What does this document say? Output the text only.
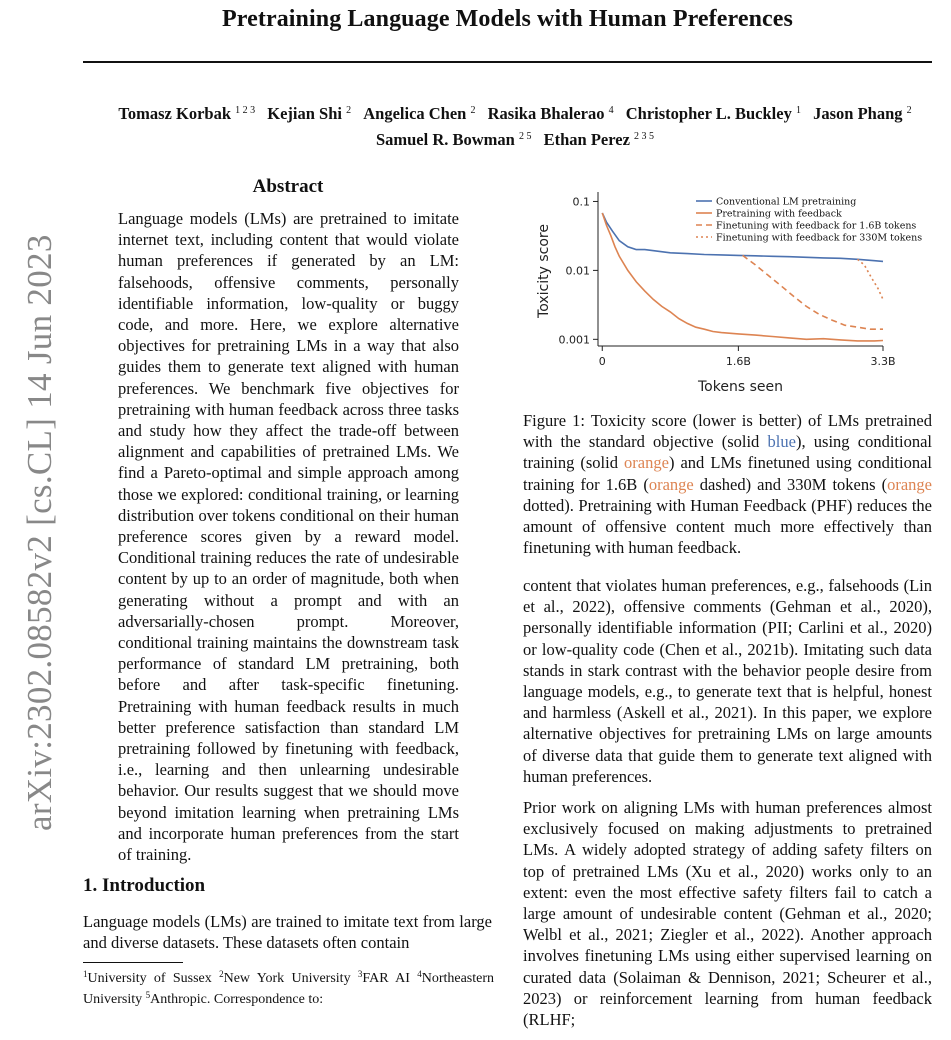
Pretraining Language Models with Human Preferences
Tomasz Korbak $^{1 2 3}$ Kejian Shi $^2$ Angelica Chen $^2$ Rasika Bhalerao $^4$ Christopher L. Buckley $^1$ Jason Phang $^2$
Samuel R. Bowman $^{2 5}$ Ethan Perez $^{2 3 5}$
arXiv:2302.08582v2 [cs.CL] 14 Jun 2023
Abstract
Language models (LMs) are pretrained to imitate internet text, including content that would violate human preferences if generated by an LM: falsehoods, offensive comments, personally identifiable information, low-quality or buggy code, and more. Here, we explore alternative objectives for pretraining LMs in a way that also guides them to generate text aligned with human preferences. We benchmark five objectives for pretraining with human feedback across three tasks and study how they affect the trade-off between alignment and capabilities of pretrained LMs. We find a Pareto-optimal and simple approach among those we explored: conditional training, or learning distribution over tokens conditional on their human preference scores given by a reward model. Conditional training reduces the rate of undesirable content by up to an order of magnitude, both when generating without a prompt and with an adversarially-chosen prompt. Moreover, conditional training maintains the downstream task performance of standard LM pretraining, both before and after task-specific finetuning. Pretraining with human feedback results in much better preference satisfaction than standard LM pretraining followed by finetuning with feedback, i.e., learning and then unlearning undesirable behavior. Our results suggest that we should move beyond imitation learning when pretraining LMs and incorporate human preferences from the start of training.
1. Introduction
Language models (LMs) are trained to imitate text from large and diverse datasets. These datasets often contain
$^1$University of Sussex $^2$New York University $^3$FAR AI $^4$Northeastern University $^5$Anthropic. Correspondence to:
0.1
0.01
0.001
0	1.6B	3.3B
Tokens seen
Toxicity score
Conventional LM pretraining
Pretraining with feedback
Finetuning with feedback for 1.6B tokens
Finetuning with feedback for 330M tokens
Figure 1: Toxicity score (lower is better) of LMs pretrained with the standard objective (solid blue), using conditional training (solid orange) and LMs finetuned using conditional training for 1.6B (orange dashed) and 330M tokens (orange dotted). Pretraining with Human Feedback (PHF) reduces the amount of offensive content much more effectively than finetuning with human feedback.

content that violates human preferences, e.g., falsehoods (Lin et al., 2022), offensive comments (Gehman et al., 2020), personally identifiable information (PII; Carlini et al., 2020) or low-quality code (Chen et al., 2021b). Imitating such data stands in stark contrast with the behavior people desire from language models, e.g., to generate text that is helpful, honest and harmless (Askell et al., 2021). In this paper, we explore alternative objectives for pretraining LMs on large amounts of diverse data that guide them to generate text aligned with human preferences.

Prior work on aligning LMs with human preferences almost exclusively focused on making adjustments to pretrained LMs. A widely adopted strategy of adding safety filters on top of pretrained LMs (Xu et al., 2020) works only to an extent: even the most effective safety filters fail to catch a large amount of undesirable content (Gehman et al., 2020; Welbl et al., 2021; Ziegler et al., 2022). Another approach involves finetuning LMs using either supervised learning on curated data (Solaiman & Dennison, 2021; Scheurer et al., 2023) or reinforcement learning from human feedback (RLHF;
